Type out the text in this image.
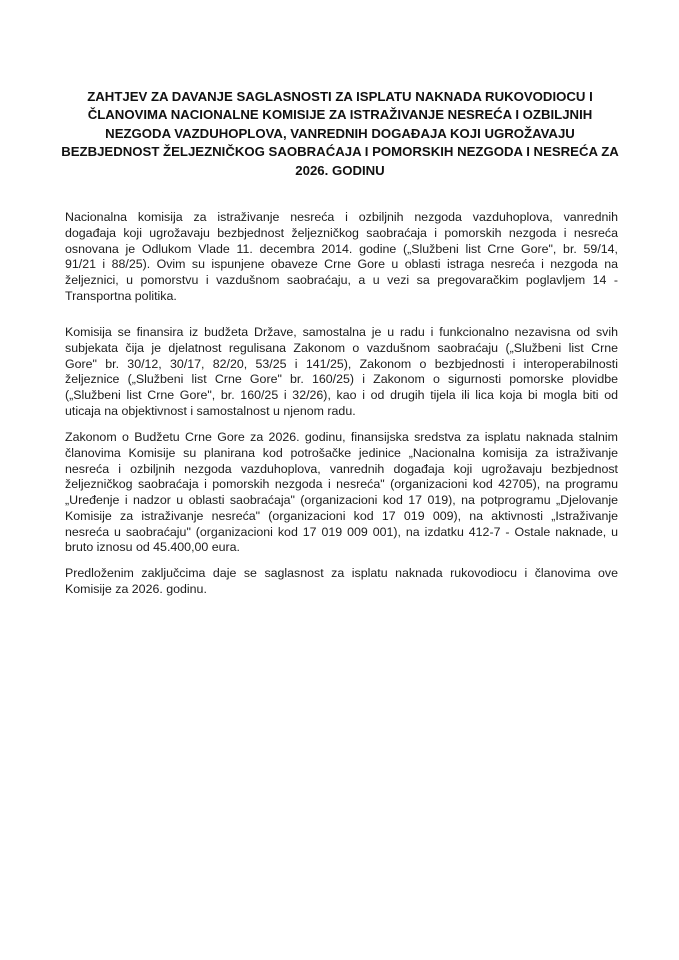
ZAHTJEV ZA DAVANJE SAGLASNOSTI ZA ISPLATU NAKNADA RUKOVODIOCU I
ČLANOVIMA NACIONALNE KOMISIJE ZA ISTRAŽIVANJE NESREĆA I OZBILJNIH
NEZGODA VAZDUHOPLOVA, VANREDNIH DOGAĐAJA KOJI UGROŽAVAJU
BEZBJEDNOST ŽELJEZNIČKOG SAOBRAĆAJA I POMORSKIH NEZGODA I NESREĆA ZA
2026. GODINU
Nacionalna komisija za istraživanje nesreća i ozbiljnih nezgoda vazduhoplova, vanrednih
događaja koji ugrožavaju bezbjednost željezničkog saobraćaja i pomorskih nezgoda i nesreća
osnovana je Odlukom Vlade 11. decembra 2014. godine („Službeni list Crne Gore", br. 59/14,
91/21 i 88/25). Ovim su ispunjene obaveze Crne Gore u oblasti istraga nesreća i nezgoda na
željeznici, u pomorstvu i vazdušnom saobraćaju, a u vezi sa pregovaračkim poglavljem 14 -
Transportna politika.
Komisija se finansira iz budžeta Države, samostalna je u radu i funkcionalno nezavisna od svih
subjekata čija je djelatnost regulisana Zakonom o vazdušnom saobraćaju („Službeni list Crne
Gore" br. 30/12, 30/17, 82/20, 53/25 i 141/25), Zakonom o bezbjednosti i interoperabilnosti
željeznice („Službeni list Crne Gore" br. 160/25) i Zakonom o sigurnosti pomorske plovidbe
(„Službeni list Crne Gore", br. 160/25 i 32/26), kao i od drugih tijela ili lica koja bi mogla biti od
uticaja na objektivnost i samostalnost u njenom radu.
Zakonom o Budžetu Crne Gore za 2026. godinu, finansijska sredstva za isplatu naknada stalnim
članovima Komisije su planirana kod potrošačke jedinice „Nacionalna komisija za istraživanje
nesreća i ozbiljnih nezgoda vazduhoplova, vanrednih događaja koji ugrožavaju bezbjednost
željezničkog saobraćaja i pomorskih nezgoda i nesreća" (organizacioni kod 42705), na programu
„Uređenje i nadzor u oblasti saobraćaja" (organizacioni kod 17 019), na potprogramu „Djelovanje
Komisije za istraživanje nesreća" (organizacioni kod 17 019 009), na aktivnosti „Istraživanje
nesreća u saobraćaju" (organizacioni kod 17 019 009 001), na izdatku 412-7 - Ostale naknade, u
bruto iznosu od 45.400,00 eura.
Predloženim zaključcima daje se saglasnost za isplatu naknada rukovodiocu i članovima ove
Komisije za 2026. godinu.
